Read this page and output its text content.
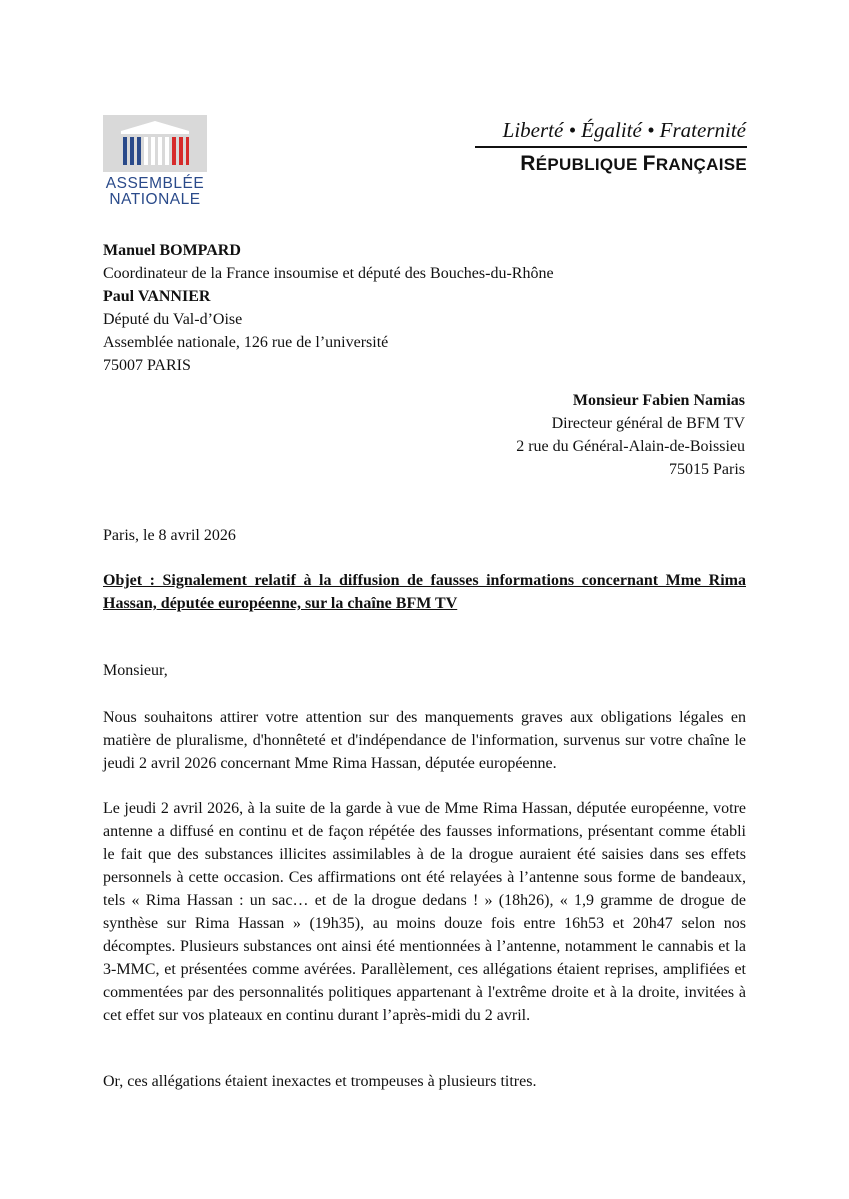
ASSEMBLÉE
NATIONALE
Liberté • Égalité • Fraternité
RÉPUBLIQUE FRANÇAISE
Manuel BOMPARD
Coordinateur de la France insoumise et député des Bouches-du-Rhône
Paul VANNIER
Député du Val-d’Oise
Assemblée nationale, 126 rue de l’université
75007 PARIS
Monsieur Fabien Namias
Directeur général de BFM TV
2 rue du Général-Alain-de-Boissieu
75015 Paris
Paris, le 8 avril 2026
Objet : Signalement relatif à la diffusion de fausses informations concernant Mme Rima Hassan, députée européenne, sur la chaîne BFM TV
Monsieur,
Nous souhaitons attirer votre attention sur des manquements graves aux obligations légales en matière de pluralisme, d'honnêteté et d'indépendance de l'information, survenus sur votre chaîne le jeudi 2 avril 2026 concernant Mme Rima Hassan, députée européenne.
Le jeudi 2 avril 2026, à la suite de la garde à vue de Mme Rima Hassan, députée européenne, votre antenne a diffusé en continu et de façon répétée des fausses informations, présentant comme établi le fait que des substances illicites assimilables à de la drogue auraient été saisies dans ses effets personnels à cette occasion. Ces affirmations ont été relayées à l’antenne sous forme de bandeaux, tels « Rima Hassan : un sac… et de la drogue dedans ! » (18h26), « 1,9 gramme de drogue de synthèse sur Rima Hassan » (19h35), au moins douze fois entre 16h53 et 20h47 selon nos décomptes. Plusieurs substances ont ainsi été mentionnées à l’antenne, notamment le cannabis et la 3-MMC, et présentées comme avérées. Parallèlement, ces allégations étaient reprises, amplifiées et commentées par des personnalités politiques appartenant à l'extrême droite et à la droite, invitées à cet effet sur vos plateaux en continu durant l’après-midi du 2 avril.
Or, ces allégations étaient inexactes et trompeuses à plusieurs titres.
